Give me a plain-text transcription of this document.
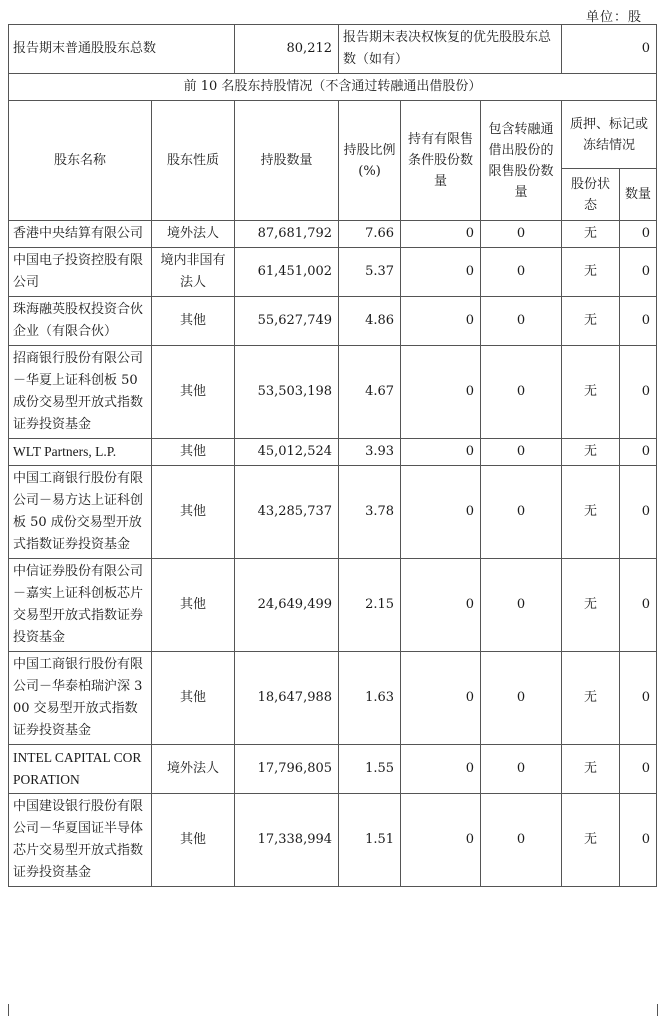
单位：股
报告期末普通股股东总数		80,212	报告期末表决权恢复的优先股股东总数（如有）			0	
前 10 名股东持股情况（不含通过转融通出借股份）							
股东名称	股东性质	持股数量	持股比例(%)	持有有限售条件股份数量	包含转融通借出股份的限售股份数量	质押、标记或冻结情况	
						股份状态	数量
香港中央结算有限公司	境外法人	87,681,792	7.66	0	0	无	0
中国电子投资控股有限公司	境内非国有法人	61,451,002	5.37	0	0	无	0
珠海融英股权投资合伙企业（有限合伙）	其他	55,627,749	4.86	0	0	无	0
招商银行股份有限公司－华夏上证科创板 50 成份交易型开放式指数证券投资基金	其他	53,503,198	4.67	0	0	无	0
WLT Partners, L.P.	其他	45,012,524	3.93	0	0	无	0
中国工商银行股份有限公司－易方达上证科创板 50 成份交易型开放式指数证券投资基金	其他	43,285,737	3.78	0	0	无	0
中信证券股份有限公司－嘉实上证科创板芯片交易型开放式指数证券投资基金	其他	24,649,499	2.15	0	0	无	0
中国工商银行股份有限公司－华泰柏瑞沪深 300 交易型开放式指数证券投资基金	其他	18,647,988	1.63	0	0	无	0
INTEL CAPITAL CORPORATION	境外法人	17,796,805	1.55	0	0	无	0
中国建设银行股份有限公司－华夏国证半导体芯片交易型开放式指数证券投资基金	其他	17,338,994	1.51	0	0	无	0
